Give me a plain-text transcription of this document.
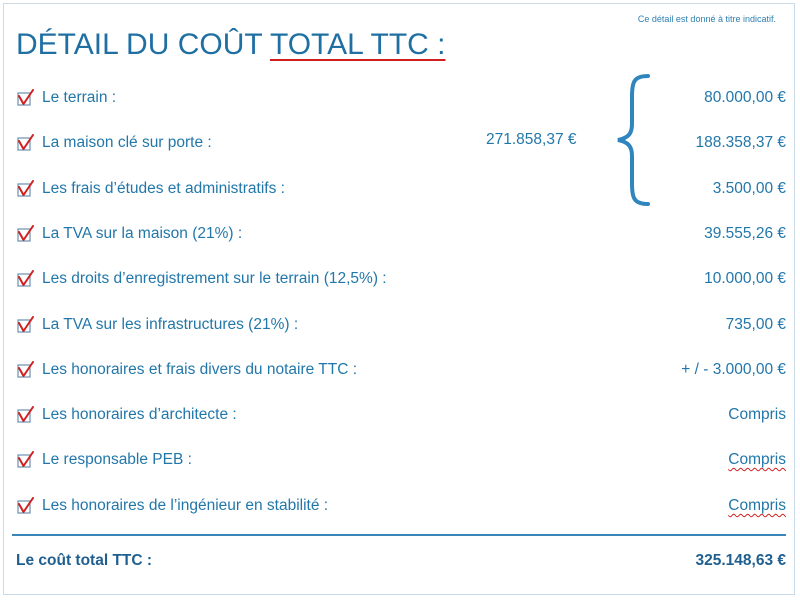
Ce détail est donné à titre indicatif.
DÉTAIL DU COÛT TOTAL TTC :
Le terrain :	80.000,00 €
La maison clé sur porte :	188.358,37 €
Les frais d’études et administratifs :	3.500,00 €
La TVA sur la maison (21%) :	39.555,26 €
Les droits d’enregistrement sur le terrain (12,5%) :	10.000,00 €
La TVA sur les infrastructures (21%) :	735,00 €
Les honoraires et frais divers du notaire TTC :	+ / - 3.000,00 €
Les honoraires d’architecte :	Compris
Le responsable PEB :	Compris
Les honoraires de l’ingénieur en stabilité :	Compris
271.858,37 €
Le coût total TTC :	325.148,63 €
